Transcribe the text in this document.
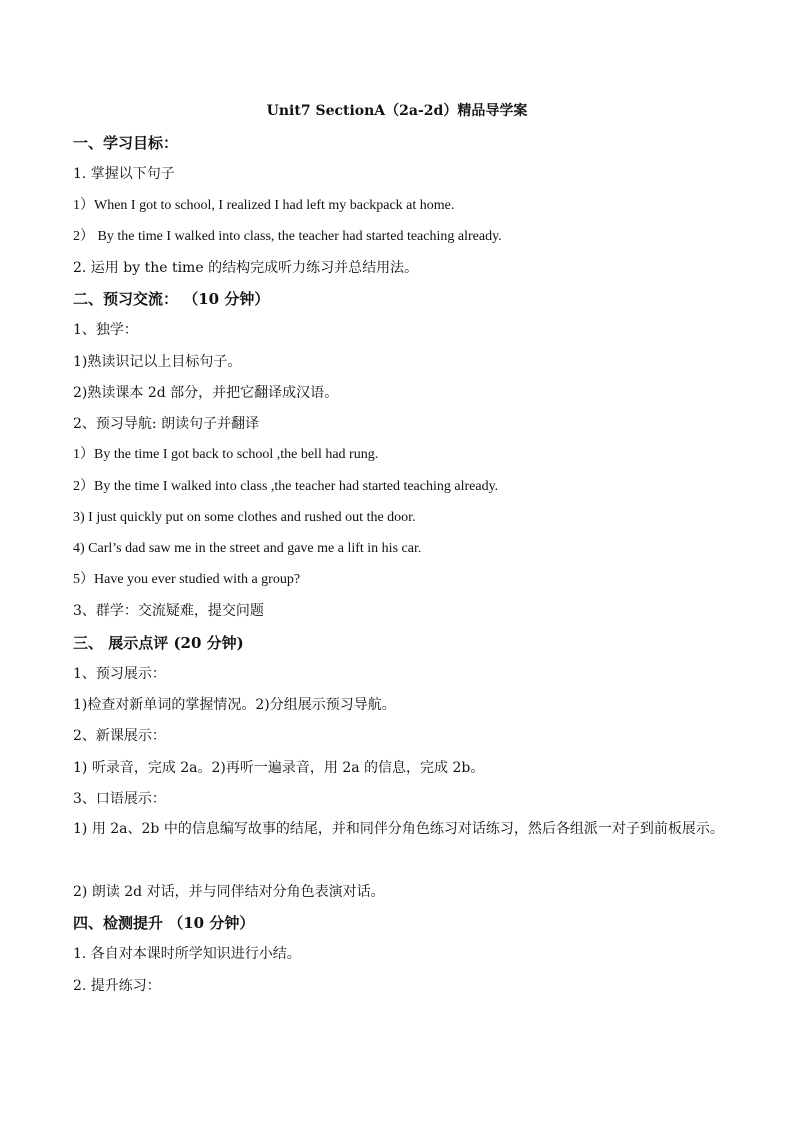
Unit7 SectionA（2a-2d）精品导学案
一、学习目标：
1. 掌握以下句子
1）When I got to school, I realized I had left my backpack at home.
2） By the time I walked into class, the teacher had started teaching already.
2. 运用 by the time 的结构完成听力练习并总结用法。
二、预习交流： （10 分钟）
1、独学：
1)熟读识记以上目标句子。
2)熟读课本 2d 部分，并把它翻译成汉语。
2、预习导航: 朗读句子并翻译
1）By the time I got back to school ,the bell had rung.
2）By the time I walked into class ,the teacher had started teaching already.
3) I just quickly put on some clothes and rushed out the door.
4) Carl’s dad saw me in the street and gave me a lift in his car.
5）Have you ever studied with a group?
3、群学：交流疑难，提交问题
三、 展示点评 (20 分钟)
1、预习展示：
1)检查对新单词的掌握情况。2)分组展示预习导航。
2、新课展示：
1) 听录音，完成 2a。2)再听一遍录音，用 2a 的信息，完成 2b。
3、口语展示：
1) 用 2a、2b 中的信息编写故事的结尾，并和同伴分角色练习对话练习，然后各组派一对子到前板展示。
2) 朗读 2d 对话，并与同伴结对分角色表演对话。
四、检测提升 （10 分钟）
1. 各自对本课时所学知识进行小结。
2. 提升练习：
